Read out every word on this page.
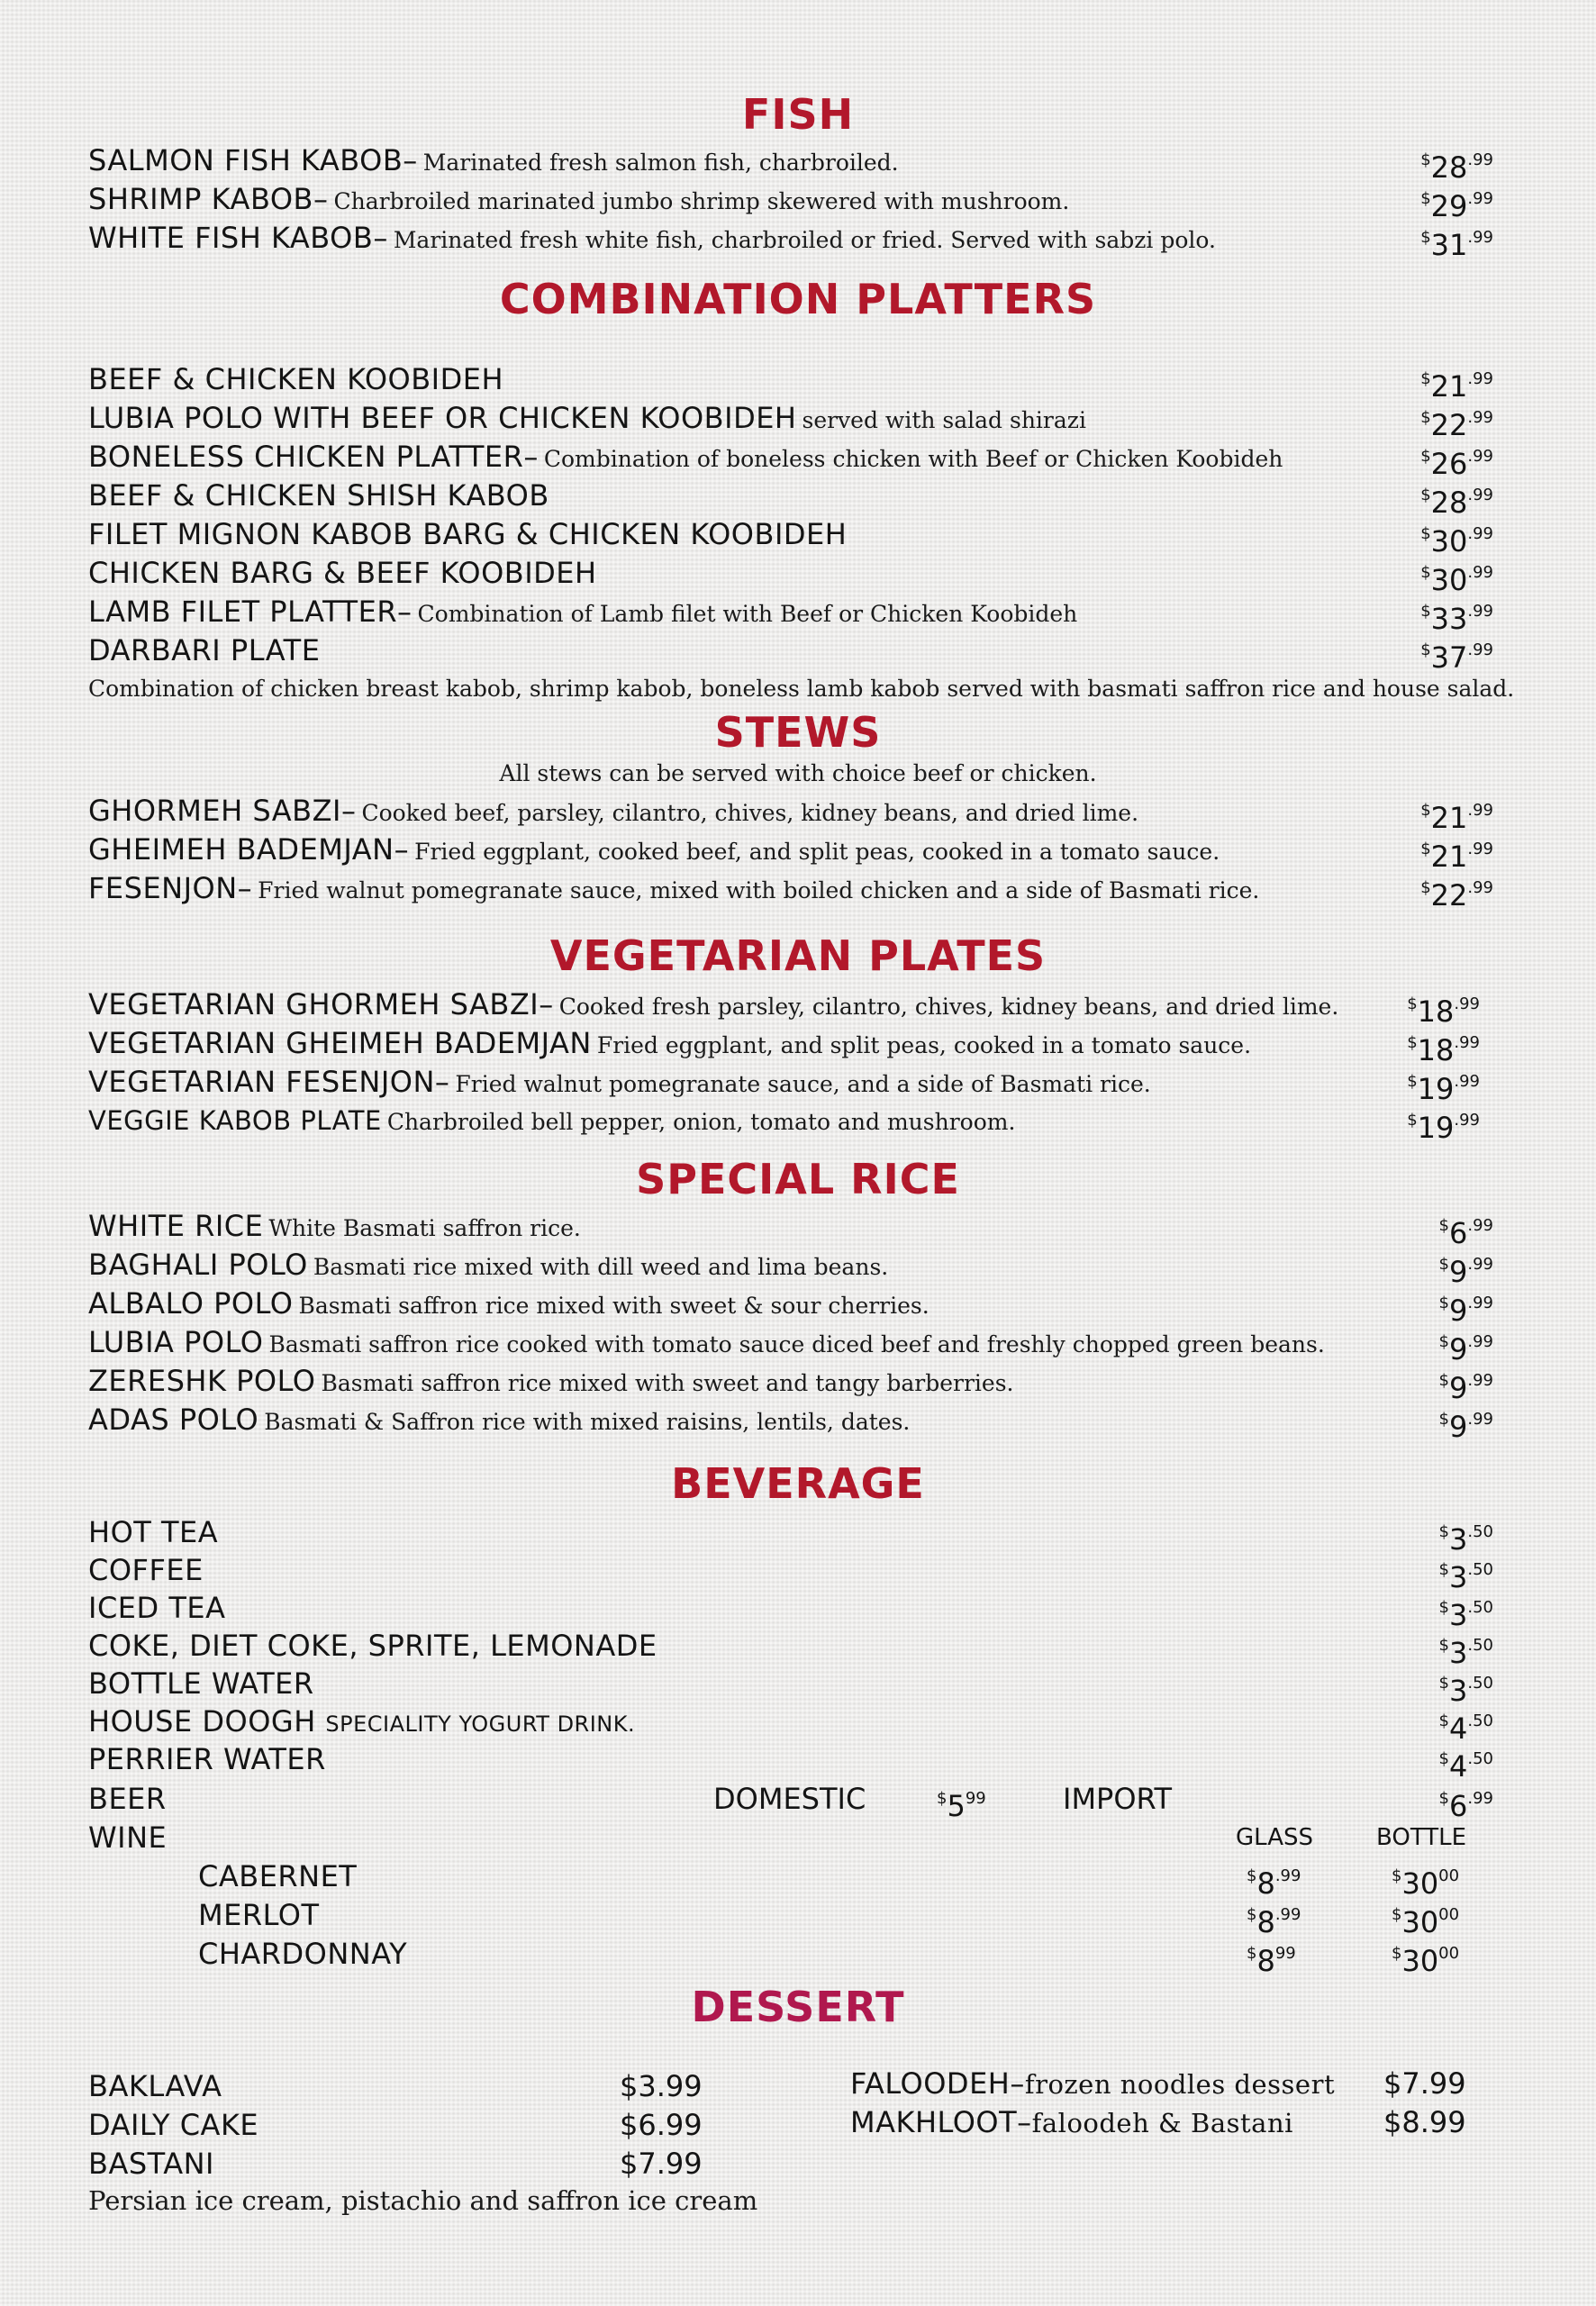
FISH
SALMON FISH KABOB– Marinated fresh salmon fish, charbroiled.	$^{\$}28^{.99}$
SHRIMP KABOB– Charbroiled marinated jumbo shrimp skewered with mushroom.	$^{\$}29^{.99}$
WHITE FISH KABOB– Marinated fresh white fish, charbroiled or fried. Served with sabzi polo.	$^{\$}31^{.99}$
COMBINATION PLATTERS
BEEF & CHICKEN KOOBIDEH	$^{\$}21^{.99}$
LUBIA POLO WITH BEEF OR CHICKEN KOOBIDEH served with salad shirazi	$^{\$}22^{.99}$
BONELESS CHICKEN PLATTER– Combination of boneless chicken with Beef or Chicken Koobideh	$^{\$}26^{.99}$
BEEF & CHICKEN SHISH KABOB	$^{\$}28^{.99}$
FILET MIGNON KABOB BARG & CHICKEN KOOBIDEH	$^{\$}30^{.99}$
CHICKEN BARG & BEEF KOOBIDEH	$^{\$}30^{.99}$
LAMB FILET PLATTER– Combination of Lamb filet with Beef or Chicken Koobideh	$^{\$}33^{.99}$
DARBARI PLATE	$^{\$}37^{.99}$
Combination of chicken breast kabob, shrimp kabob, boneless lamb kabob served with basmati saffron rice and house salad.
STEWS
All stews can be served with choice beef or chicken.
GHORMEH SABZI– Cooked beef, parsley, cilantro, chives, kidney beans, and dried lime.	$^{\$}21^{.99}$
GHEIMEH BADEMJAN– Fried eggplant, cooked beef, and split peas, cooked in a tomato sauce.	$^{\$}21^{.99}$
FESENJON– Fried walnut pomegranate sauce, mixed with boiled chicken and a side of Basmati rice.	$^{\$}22^{.99}$
VEGETARIAN PLATES
VEGETARIAN GHORMEH SABZI– Cooked fresh parsley, cilantro, chives, kidney beans, and dried lime.	$^{\$}18^{.99}$
VEGETARIAN GHEIMEH BADEMJAN Fried eggplant, and split peas, cooked in a tomato sauce.	$^{\$}18^{.99}$
VEGETARIAN FESENJON– Fried walnut pomegranate sauce, and a side of Basmati rice.	$^{\$}19^{.99}$
VEGGIE KABOB PLATE Charbroiled bell pepper, onion, tomato and mushroom.	$^{\$}19^{.99}$
SPECIAL RICE
WHITE RICE White Basmati saffron rice.	$^{\$}6^{.99}$
BAGHALI POLO Basmati rice mixed with dill weed and lima beans.	$^{\$}9^{.99}$
ALBALO POLO Basmati saffron rice mixed with sweet & sour cherries.	$^{\$}9^{.99}$
LUBIA POLO Basmati saffron rice cooked with tomato sauce diced beef and freshly chopped green beans.	$^{\$}9^{.99}$
ZERESHK POLO Basmati saffron rice mixed with sweet and tangy barberries.	$^{\$}9^{.99}$
ADAS POLO Basmati & Saffron rice with mixed raisins, lentils, dates.	$^{\$}9^{.99}$
BEVERAGE
HOT TEA	$^{\$}3^{.50}$
COFFEE	$^{\$}3^{.50}$
ICED TEA	$^{\$}3^{.50}$
COKE, DIET COKE, SPRITE, LEMONADE	$^{\$}3^{.50}$
BOTTLE WATER	$^{\$}3^{.50}$
HOUSE DOOGH SPECIALITY YOGURT DRINK.	$^{\$}4^{.50}$
PERRIER WATER	$^{\$}4^{.50}$
BEER	DOMESTIC	$^{\$}5^{99}$	IMPORT	$^{\$}6^{.99}$
WINE	GLASS	BOTTLE
CABERNET	$^{\$}8^{.99}$	$^{\$}30^{00}$
MERLOT	$^{\$}8^{.99}$	$^{\$}30^{00}$
CHARDONNAY	$^{\$}8^{99}$	$^{\$}30^{00}$
DESSERT
BAKLAVA	$3.99
DAILY CAKE	$6.99
BASTANI	$7.99
Persian ice cream, pistachio and saffron ice cream
FALOODEH–frozen noodles dessert $7.99
MAKHLOOT–faloodeh & Bastani	$8.99
